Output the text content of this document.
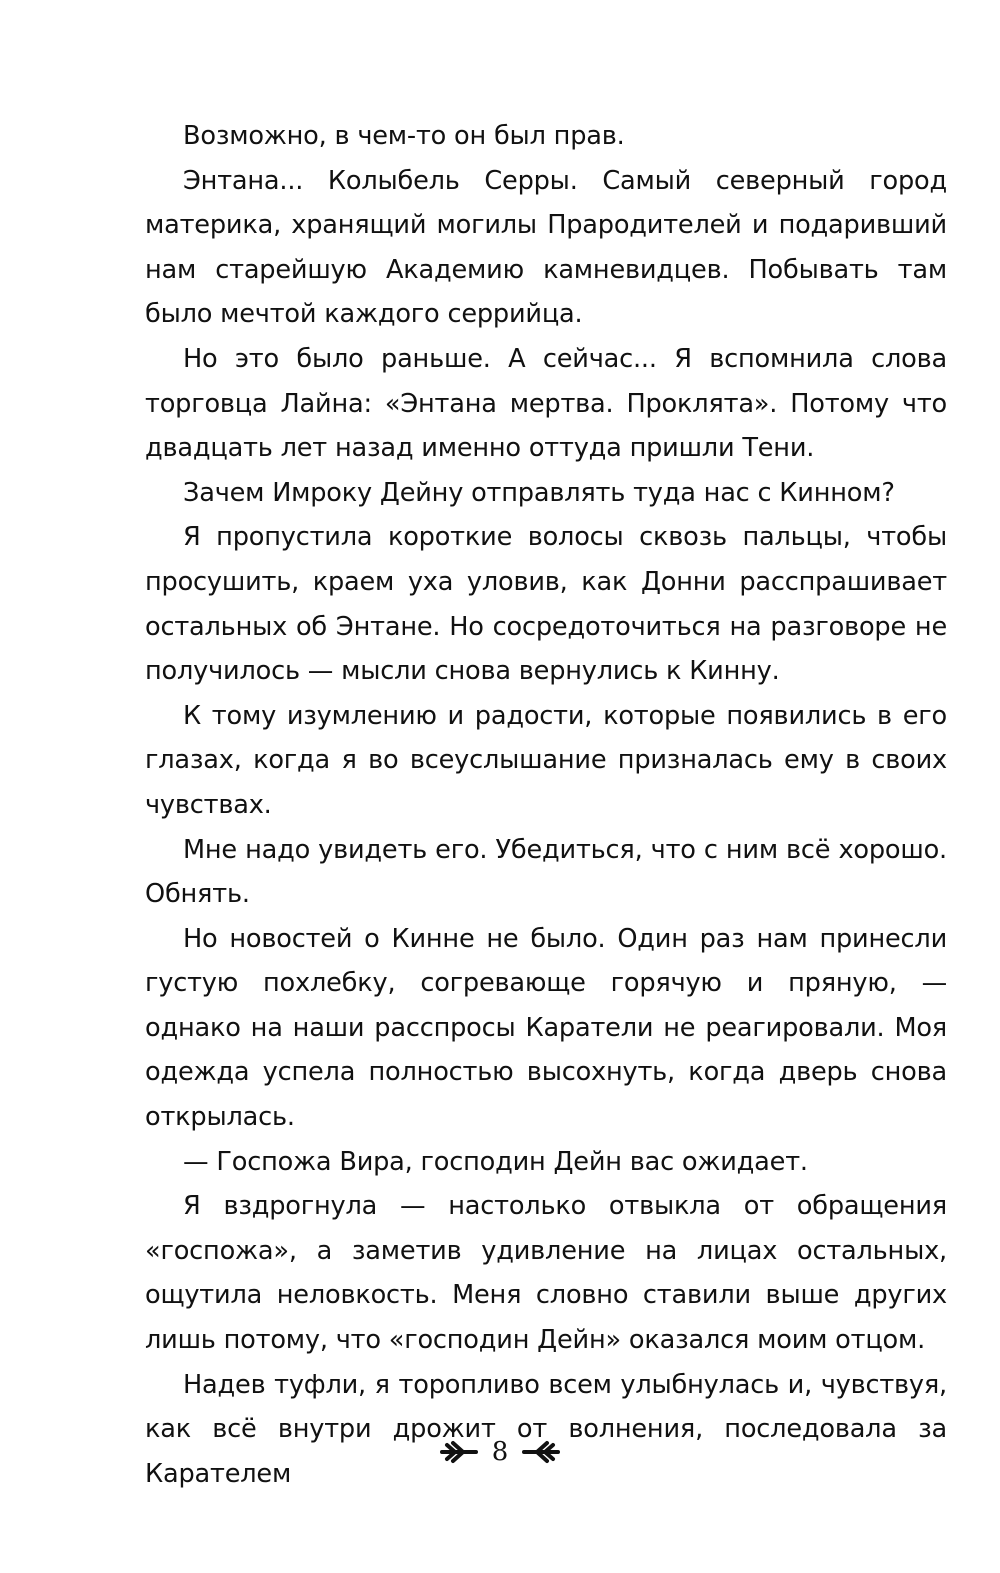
Возможно, в чем-то он был прав.

Энтана... Колыбель Серры. Самый северный город материка, хранящий могилы Прародителей и подаривший нам старейшую Академию камневидцев. Побывать там было мечтой каждого серрийца.

Но это было раньше. А сейчас... Я вспомнила слова торговца Лайна: «Энтана мертва. Проклята». Потому что двадцать лет назад именно оттуда пришли Тени.

Зачем Имроку Дейну отправлять туда нас с Кинном?

Я пропустила короткие волосы сквозь пальцы, чтобы просушить, краем уха уловив, как Донни расспрашивает остальных об Энтане. Но сосредоточиться на разговоре не получилось — мысли снова вернулись к Кинну.

К тому изумлению и радости, которые появились в его глазах, когда я во всеуслышание призналась ему в своих чувствах.

Мне надо увидеть его. Убедиться, что с ним всё хорошо. Обнять.

Но новостей о Кинне не было. Один раз нам принесли густую похлебку, согревающе горячую и пряную, — однако на наши расспросы Каратели не реагировали. Моя одежда успела полностью высохнуть, когда дверь снова открылась.

— Госпожа Вира, господин Дейн вас ожидает.

Я вздрогнула — настолько отвыкла от обращения «госпожа», а заметив удивление на лицах остальных, ощутила неловкость. Меня словно ставили выше других лишь потому, что «господин Дейн» оказался моим отцом.

Надев туфли, я торопливо всем улыбнулась и, чувствуя, как всё внутри дрожит от волнения, последовала за Карателем

8
